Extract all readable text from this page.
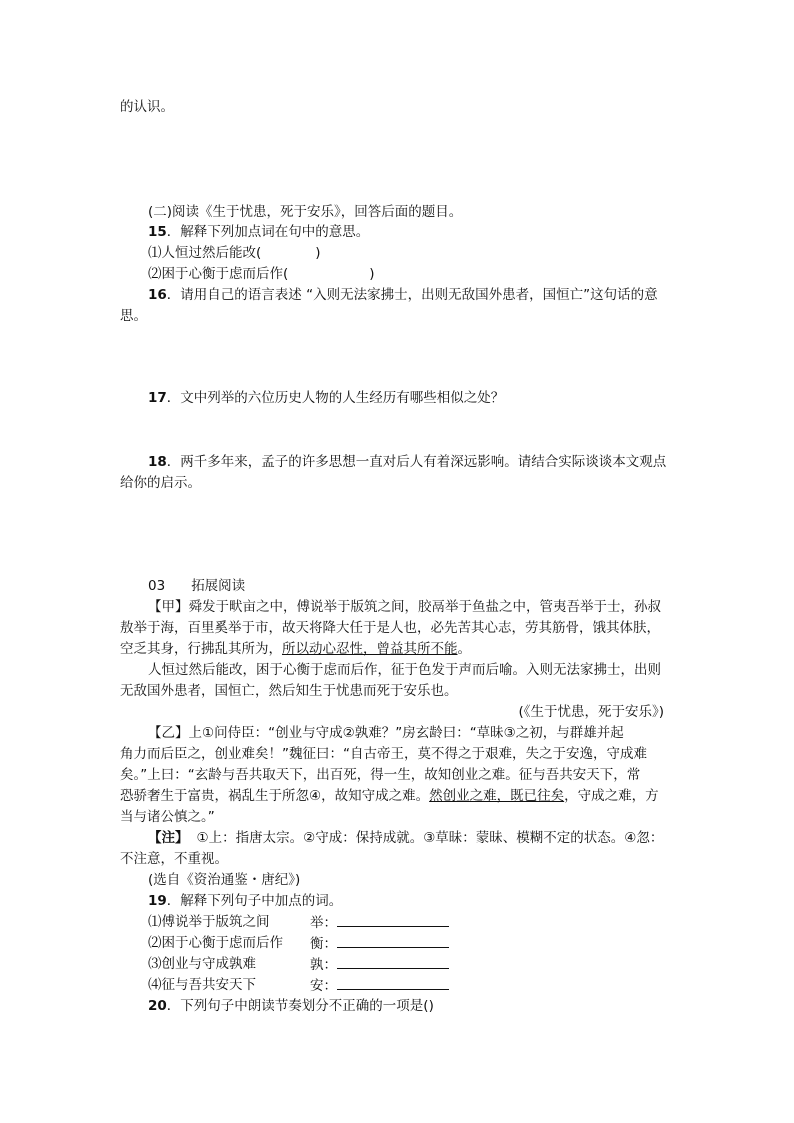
的认识。
(二)阅读《生于忧患，死于安乐》，回答后面的题目。
15．解释下列加点词在句中的意思。
⑴人恒过然后能改(　　　　)
⑵困于心衡于虑而后作(　　　　　　)
16．请用自己的语言表述 “入则无法家拂士，出则无敌国外患者，国恒亡”这句话的意
思。
17．文中列举的六位历史人物的人生经历有哪些相似之处？
18．两千多年来，孟子的许多思想一直对后人有着深远影响。请结合实际谈谈本文观点
给你的启示。
03 拓展阅读
【甲】舜发于畎亩之中，傅说举于版筑之间，胶鬲举于鱼盐之中，管夷吾举于士，孙叔
敖举于海，百里奚举于市，故天将降大任于是人也，必先苦其心志，劳其筋骨，饿其体肤，
空乏其身，行拂乱其所为，所以动心忍性，曾益其所不能。
人恒过然后能改，困于心衡于虑而后作，征于色发于声而后喻。入则无法家拂士，出则
无敌国外患者，国恒亡，然后知生于忧患而死于安乐也。
(《生于忧患，死于安乐》)
【乙】上①问侍臣：“创业与守成②孰难？”房玄龄曰：“草昧③之初，与群雄并起
角力而后臣之，创业难矣！”魏征曰：“自古帝王，莫不得之于艰难，失之于安逸，守成难
矣。”上曰：“玄龄与吾共取天下，出百死，得一生，故知创业之难。征与吾共安天下，常
恐骄奢生于富贵，祸乱生于所忽④，故知守成之难。然创业之难，既已往矣，守成之难，方
当与诸公慎之。”
【注】 ①上：指唐太宗。②守成：保持成就。③草昧：蒙昧、模糊不定的状态。④忽：
不注意，不重视。
(选自《资治通鉴・唐纪》)
19．解释下列句子中加点的词。
⑴傅说举于版筑之间	举：
⑵困于心衡于虑而后作 衡：
⑶创业与守成孰难	孰：
⑷征与吾共安天下	安：
20．下列句子中朗读节奏划分不正确的一项是()
